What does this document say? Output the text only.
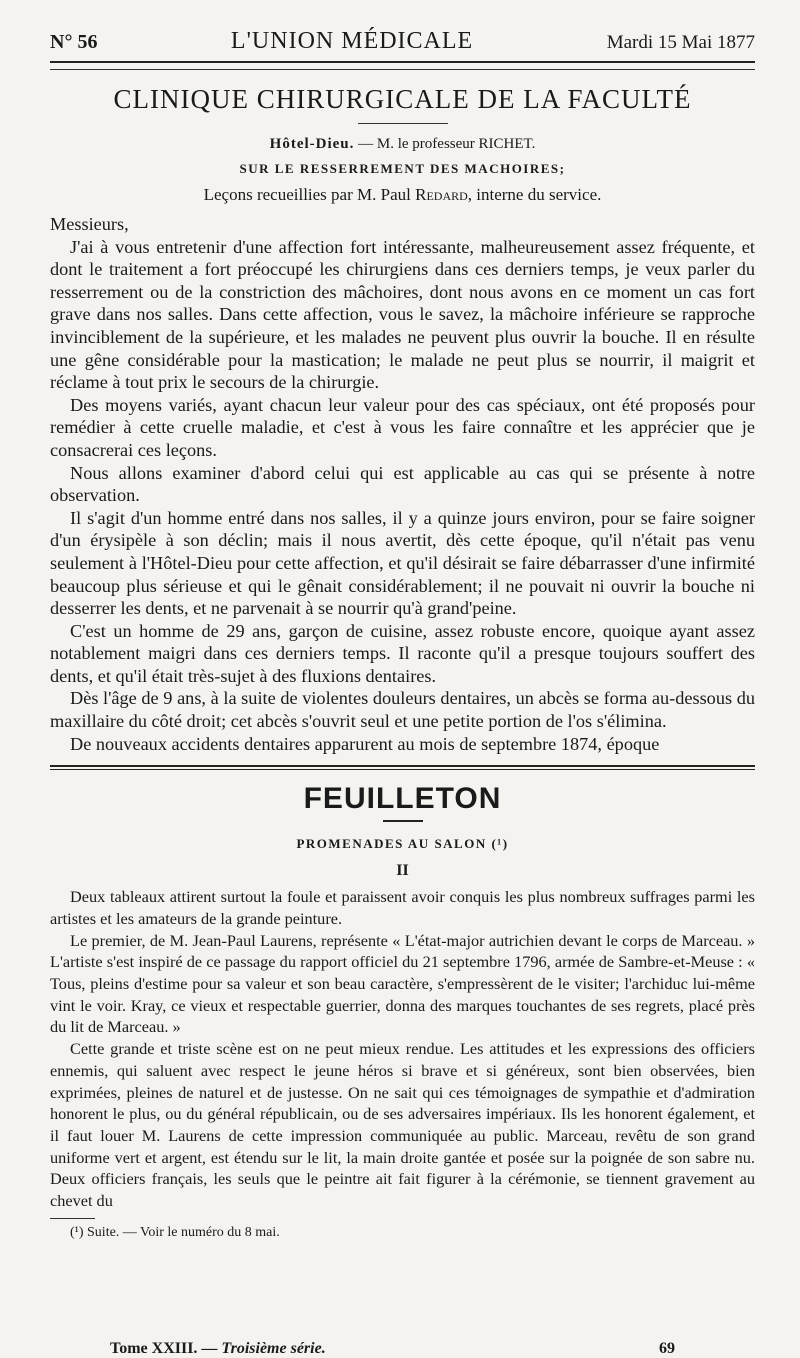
N° 56	L'UNION MÉDICALE	Mardi 15 Mai 1877
CLINIQUE CHIRURGICALE DE LA FACULTÉ
Hôtel-Dieu. — M. le professeur RICHET.
SUR LE RESSERREMENT DES MACHOIRES;
Leçons recueillies par M. Paul Redard, interne du service.

Messieurs,

J'ai à vous entretenir d'une affection fort intéressante, malheureusement assez fréquente, et dont le traitement a fort préoccupé les chirurgiens dans ces derniers temps, je veux parler du resserrement ou de la constriction des mâchoires, dont nous avons en ce moment un cas fort grave dans nos salles. Dans cette affection, vous le savez, la mâchoire inférieure se rapproche invinciblement de la supérieure, et les malades ne peuvent plus ouvrir la bouche. Il en résulte une gêne considérable pour la mastication; le malade ne peut plus se nourrir, il maigrit et réclame à tout prix le secours de la chirurgie.

Des moyens variés, ayant chacun leur valeur pour des cas spéciaux, ont été proposés pour remédier à cette cruelle maladie, et c'est à vous les faire connaître et les apprécier que je consacrerai ces leçons.

Nous allons examiner d'abord celui qui est applicable au cas qui se présente à notre observation.

Il s'agit d'un homme entré dans nos salles, il y a quinze jours environ, pour se faire soigner d'un érysipèle à son déclin; mais il nous avertit, dès cette époque, qu'il n'était pas venu seulement à l'Hôtel-Dieu pour cette affection, et qu'il désirait se faire débarrasser d'une infirmité beaucoup plus sérieuse et qui le gênait considérablement; il ne pouvait ni ouvrir la bouche ni desserrer les dents, et ne parvenait à se nourrir qu'à grand'peine.

C'est un homme de 29 ans, garçon de cuisine, assez robuste encore, quoique ayant assez notablement maigri dans ces derniers temps. Il raconte qu'il a presque toujours souffert des dents, et qu'il était très-sujet à des fluxions dentaires.

Dès l'âge de 9 ans, à la suite de violentes douleurs dentaires, un abcès se forma au-dessous du maxillaire du côté droit; cet abcès s'ouvrit seul et une petite portion de l'os s'élimina.

De nouveaux accidents dentaires apparurent au mois de septembre 1874, époque

FEUILLETON
PROMENADES AU SALON (¹)
II

Deux tableaux attirent surtout la foule et paraissent avoir conquis les plus nombreux suffrages parmi les artistes et les amateurs de la grande peinture.

Le premier, de M. Jean-Paul Laurens, représente « L'état-major autrichien devant le corps de Marceau. » L'artiste s'est inspiré de ce passage du rapport officiel du 21 septembre 1796, armée de Sambre-et-Meuse : « Tous, pleins d'estime pour sa valeur et son beau caractère, s'empressèrent de le visiter; l'archiduc lui-même vint le voir. Kray, ce vieux et respectable guerrier, donna des marques touchantes de ses regrets, placé près du lit de Marceau. »

Cette grande et triste scène est on ne peut mieux rendue. Les attitudes et les expressions des officiers ennemis, qui saluent avec respect le jeune héros si brave et si généreux, sont bien observées, bien exprimées, pleines de naturel et de justesse. On ne sait qui ces témoignages de sympathie et d'admiration honorent le plus, ou du général républicain, ou de ses adversaires impériaux. Ils les honorent également, et il faut louer M. Laurens de cette impression communiquée au public. Marceau, revêtu de son grand uniforme vert et argent, est étendu sur le lit, la main droite gantée et posée sur la poignée de son sabre nu. Deux officiers français, les seuls que le peintre ait fait figurer à la cérémonie, se tiennent gravement au chevet du

(¹) Suite. — Voir le numéro du 8 mai.
Tome XXIII. — Troisième série.	69
